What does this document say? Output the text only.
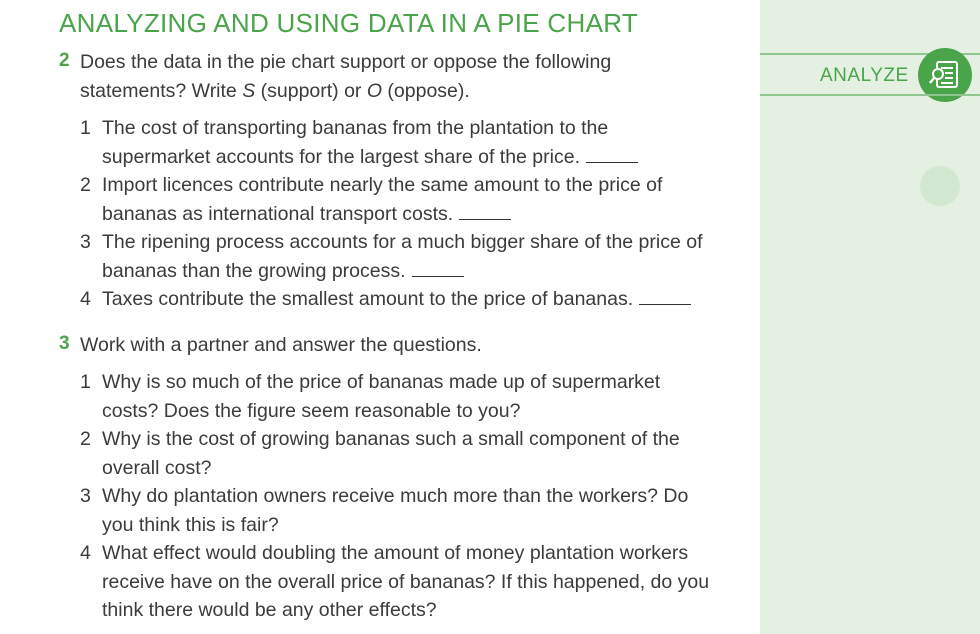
ANALYZING AND USING DATA IN A PIE CHART
2 Does the data in the pie chart support or oppose the following
statements? Write S (support) or O (oppose).
1 The cost of transporting bananas from the plantation to the
supermarket accounts for the largest share of the price.
2 Import licences contribute nearly the same amount to the price of
bananas as international transport costs.
3 The ripening process accounts for a much bigger share of the price of
bananas than the growing process.
4 Taxes contribute the smallest amount to the price of bananas.
3 Work with a partner and answer the questions.
1 Why is so much of the price of bananas made up of supermarket
costs? Does the figure seem reasonable to you?
2 Why is the cost of growing bananas such a small component of the
overall cost?
3 Why do plantation owners receive much more than the workers? Do
you think this is fair?
4 What effect would doubling the amount of money plantation workers
receive have on the overall price of bananas? If this happened, do you
think there would be any other effects?
ANALYZE
